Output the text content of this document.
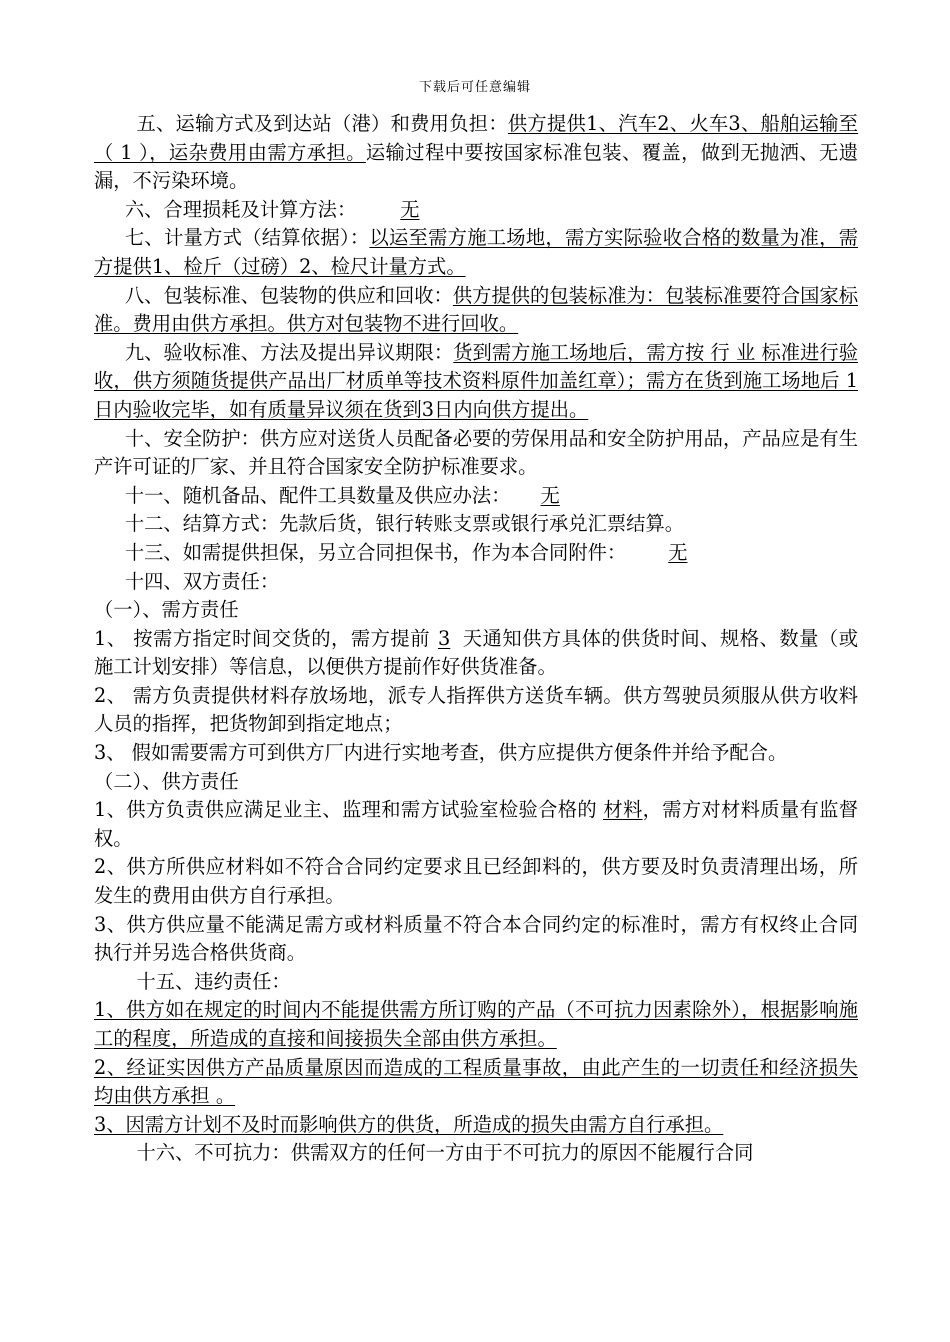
下载后可任意编辑

五、运输方式及到达站（港）和费用负担：供方提供1、汽车2、火车3、船舶运输至 （ 1 ），运杂费用由需方承担。运输过程中要按国家标准包装、覆盖，做到无抛洒、无遗漏，不污染环境。

六、合理损耗及计算方法： 无

七、计量方式（结算依据）：以运至需方施工场地，需方实际验收合格的数量为准，需方提供1、检斤（过磅）2、检尺计量方式。

八、包装标准、包装物的供应和回收：供方提供的包装标准为：包装标准要符合国家标准。费用由供方承担。供方对包装物不进行回收。

九、验收标准、方法及提出异议期限：货到需方施工场地后，需方按 行 业 标准进行验收，供方须随货提供产品出厂材质单等技术资料原件加盖红章）；需方在货到施工场地后 1 日内验收完毕，如有质量异议须在货到3日内向供方提出。

十、安全防护：供方应对送货人员配备必要的劳保用品和安全防护用品，产品应是有生产许可证的厂家、并且符合国家安全防护标准要求。

十一、随机备品、配件工具数量及供应办法： 无

十二、结算方式：先款后货，银行转账支票或银行承兑汇票结算。

十三、如需提供担保，另立合同担保书，作为本合同附件： 无

十四、双方责任：

（一）、需方责任

1、 按需方指定时间交货的，需方提前 3 天通知供方具体的供货时间、规格、数量（或施工计划安排）等信息，以便供方提前作好供货准备。

2、 需方负责提供材料存放场地，派专人指挥供方送货车辆。供方驾驶员须服从供方收料人员的指挥，把货物卸到指定地点；

3、 假如需要需方可到供方厂内进行实地考查，供方应提供方便条件并给予配合。

（二）、供方责任

1、供方负责供应满足业主、监理和需方试验室检验合格的 材料，需方对材料质量有监督权。

2、供方所供应材料如不符合合同约定要求且已经卸料的，供方要及时负责清理出场，所发生的费用由供方自行承担。

3、供方供应量不能满足需方或材料质量不符合本合同约定的标准时，需方有权终止合同执行并另选合格供货商。

十五、违约责任：

1、供方如在规定的时间内不能提供需方所订购的产品（不可抗力因素除外），根据影响施工的程度，所造成的直接和间接损失全部由供方承担。

2、经证实因供方产品质量原因而造成的工程质量事故，由此产生的一切责任和经济损失均由供方承担 。

3、因需方计划不及时而影响供方的供货，所造成的损失由需方自行承担。

十六、不可抗力：供需双方的任何一方由于不可抗力的原因不能履行合同
